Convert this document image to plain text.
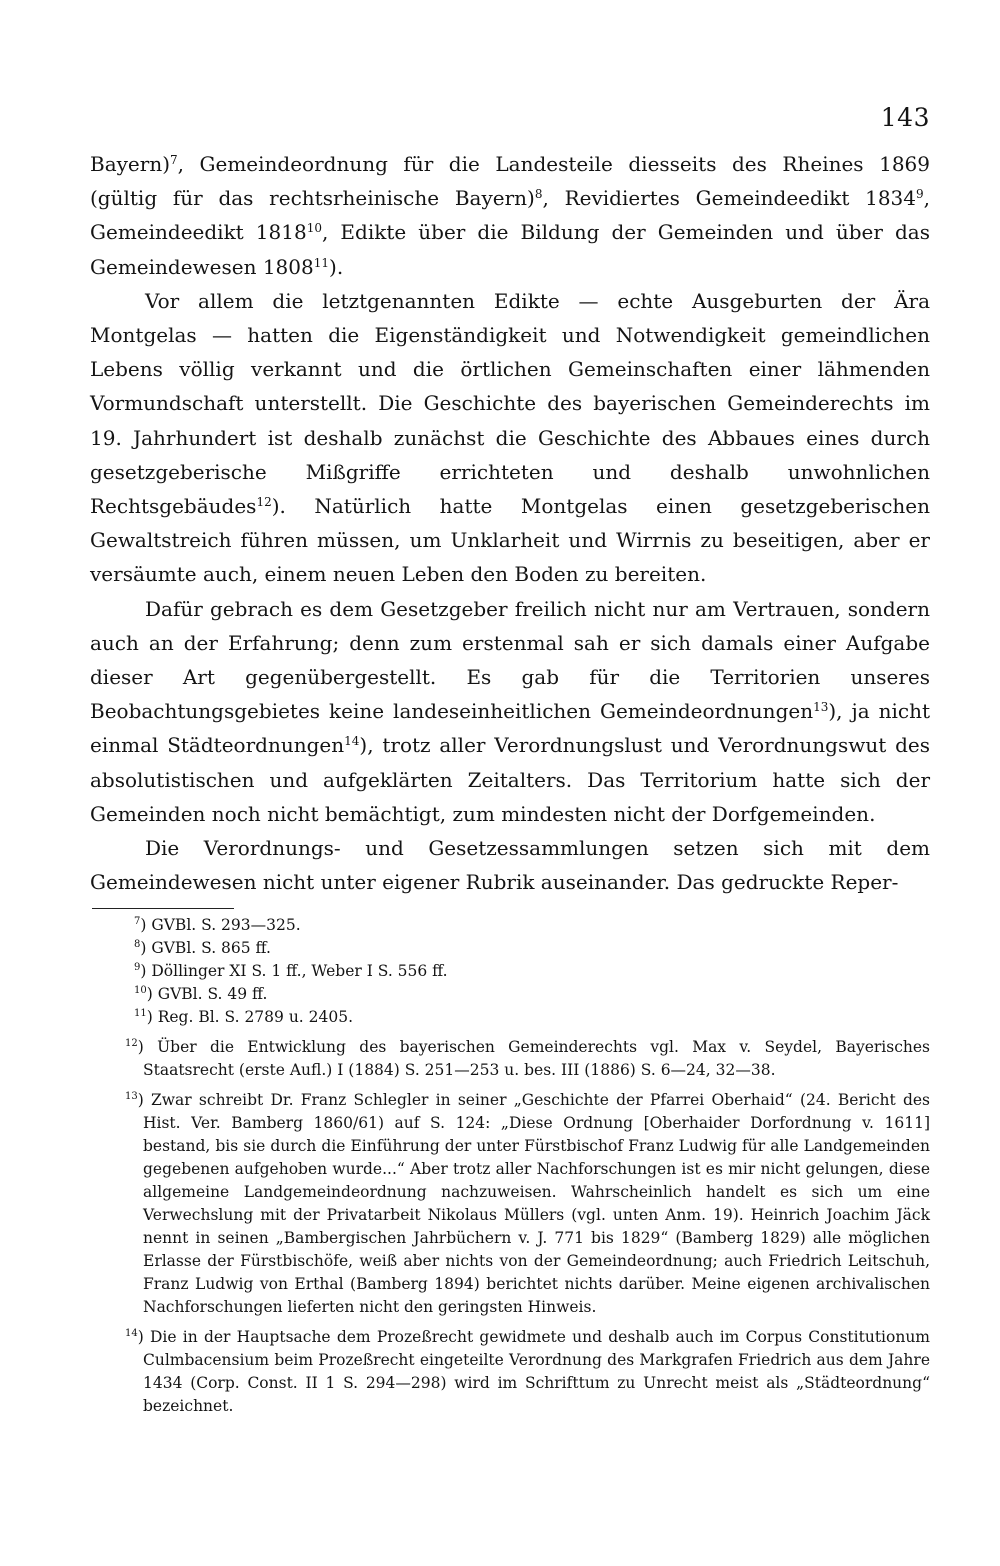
143

Bayern)$^7$, Gemeindeordnung für die Landesteile diesseits des Rheines 1869 (gültig für das rechtsrheinische Bayern)$^8$, Revidiertes Gemeindeedikt 1834$^9$, Gemeindeedikt 1818$^{10}$, Edikte über die Bildung der Gemeinden und über das Gemeindewesen 1808$^{11}$).

Vor allem die letztgenannten Edikte — echte Ausgeburten der Ära Montgelas — hatten die Eigenständigkeit und Notwendigkeit gemeindlichen Lebens völlig verkannt und die örtlichen Gemeinschaften einer lähmenden Vormundschaft unterstellt. Die Geschichte des bayerischen Gemeinderechts im 19. Jahrhundert ist deshalb zunächst die Geschichte des Abbaues eines durch gesetzgeberische Mißgriffe errichteten und deshalb unwohnlichen Rechtsgebäudes$^{12}$). Natürlich hatte Montgelas einen gesetzgeberischen Gewaltstreich führen müssen, um Unklarheit und Wirrnis zu beseitigen, aber er versäumte auch, einem neuen Leben den Boden zu bereiten.

Dafür gebrach es dem Gesetzgeber freilich nicht nur am Vertrauen, sondern auch an der Erfahrung; denn zum erstenmal sah er sich damals einer Aufgabe dieser Art gegenübergestellt. Es gab für die Territorien unseres Beobachtungsgebietes keine landeseinheitlichen Gemeindeordnungen$^{13}$), ja nicht einmal Städteordnungen$^{14}$), trotz aller Verordnungslust und Verordnungswut des absolutistischen und aufgeklärten Zeitalters. Das Territorium hatte sich der Gemeinden noch nicht bemächtigt, zum mindesten nicht der Dorfgemeinden.

Die Verordnungs- und Gesetzessammlungen setzen sich mit dem Gemeindewesen nicht unter eigener Rubrik auseinander. Das gedruckte Reper-

$^7$) GVBl. S. 293—325.

$^8$) GVBl. S. 865 ff.

$^9$) Döllinger XI S. 1 ff., Weber I S. 556 ff.

$^{10}$) GVBl. S. 49 ff.

$^{11}$) Reg. Bl. S. 2789 u. 2405.

$^{12}$) Über die Entwicklung des bayerischen Gemeinderechts vgl. Max v. Seydel, Bayerisches Staatsrecht (erste Aufl.) I (1884) S. 251—253 u. bes. III (1886) S. 6—24, 32—38.

$^{13}$) Zwar schreibt Dr. Franz Schlegler in seiner „Geschichte der Pfarrei Oberhaid“ (24. Bericht des Hist. Ver. Bamberg 1860/61) auf S. 124: „Diese Ordnung [Oberhaider Dorfordnung v. 1611] bestand, bis sie durch die Einführung der unter Fürstbischof Franz Ludwig für alle Landgemeinden gegebenen aufgehoben wurde...“ Aber trotz aller Nachforschungen ist es mir nicht gelungen, diese allgemeine Landgemeindeordnung nachzuweisen. Wahrscheinlich handelt es sich um eine Verwechslung mit der Privatarbeit Nikolaus Müllers (vgl. unten Anm. 19). Heinrich Joachim Jäck nennt in seinen „Bambergischen Jahrbüchern v. J. 771 bis 1829“ (Bamberg 1829) alle möglichen Erlasse der Fürstbischöfe, weiß aber nichts von der Gemeindeordnung; auch Friedrich Leitschuh, Franz Ludwig von Erthal (Bamberg 1894) berichtet nichts darüber. Meine eigenen archivalischen Nachforschungen lieferten nicht den geringsten Hinweis.

$^{14}$) Die in der Hauptsache dem Prozeßrecht gewidmete und deshalb auch im Corpus Constitutionum Culmbacensium beim Prozeßrecht eingeteilte Verordnung des Markgrafen Friedrich aus dem Jahre 1434 (Corp. Const. II 1 S. 294—298) wird im Schrifttum zu Unrecht meist als „Städteordnung“ bezeichnet.
